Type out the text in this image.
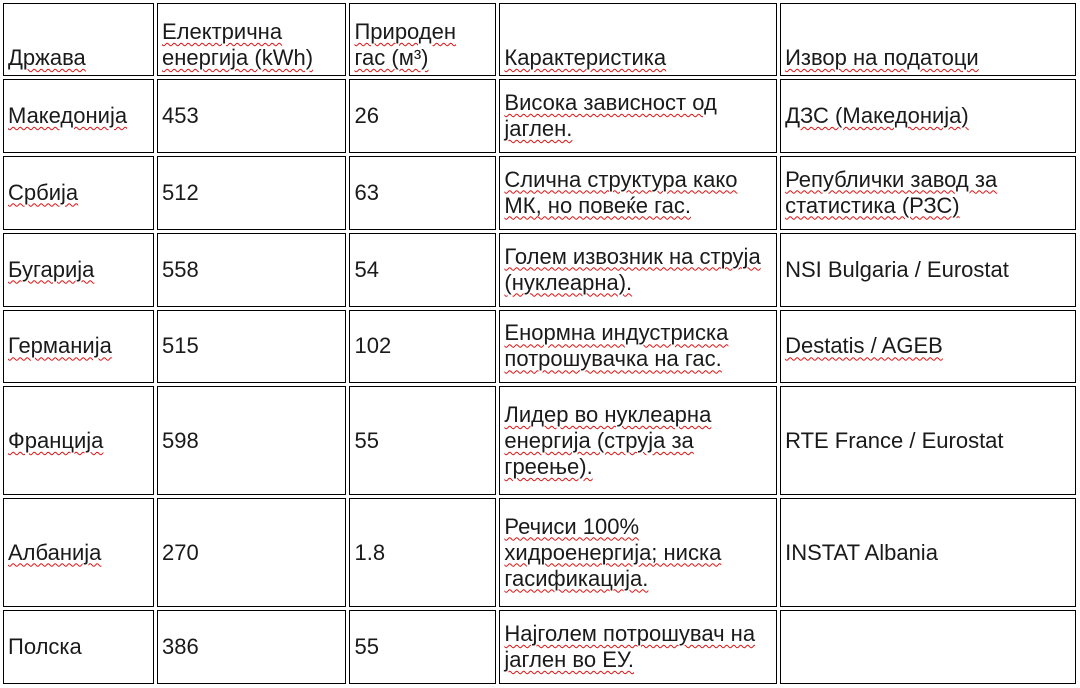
Држава	Електрична енергија (kWh)	Природен гас (м³)	Карактеристика	Извор на податоци
Македонија	453	26	Висока зависност од јаглен.	ДЗС (Македонија)
Србија	512	63	Слична структура како МК, но повеќе гас.	Републички завод за статистика (РЗС)
Бугарија	558	54	Голем извозник на струја (нуклеарна).	NSI Bulgaria / Eurostat
Германија	515	102	Енормна индустриска потрошувачка на гас.	Destatis / AGEB
Франција	598	55	Лидер во нуклеарна енергија (струја за греење).	RTE France / Eurostat
Албанија	270	1.8	Речиси 100% хидроенергија; ниска гасификација.	INSTAT Albania
Полска	386	55	Најголем потрошувач на јаглен во ЕУ.	
